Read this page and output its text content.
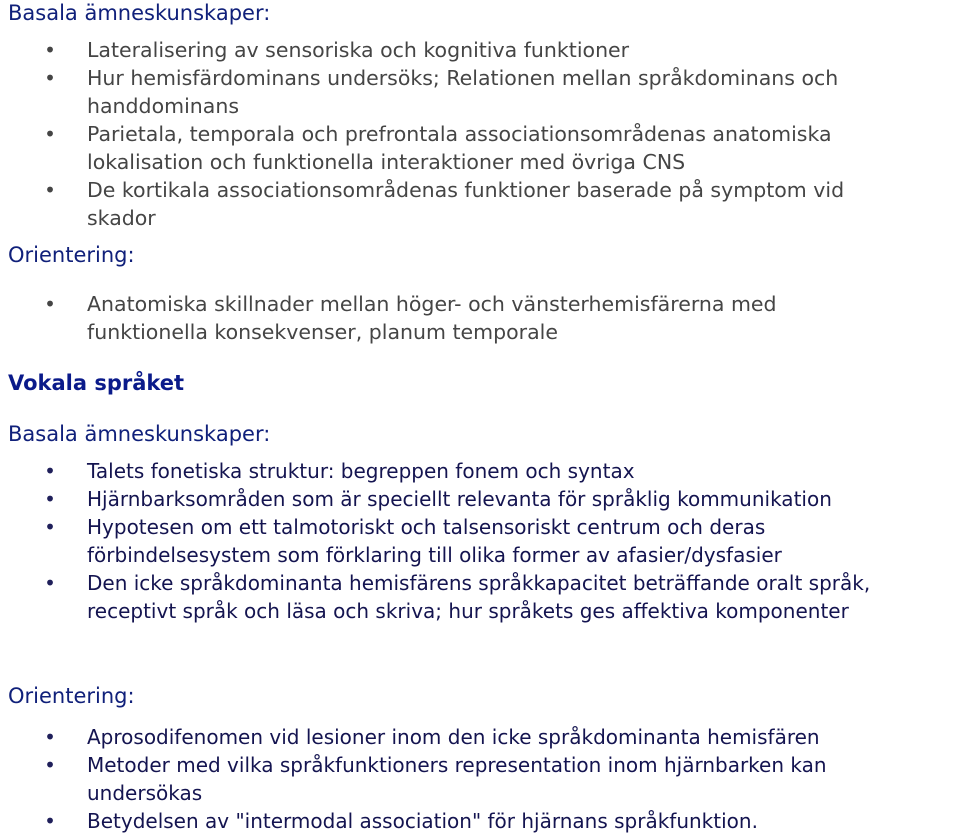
Basala ämneskunskaper:
• Lateralisering av sensoriska och kognitiva funktioner
• Hur hemisfärdominans undersöks; Relationen mellan språkdominans och
handdominans
• Parietala, temporala och prefrontala associationsområdenas anatomiska
lokalisation och funktionella interaktioner med övriga CNS
• De kortikala associationsområdenas funktioner baserade på symptom vid
skador
Orientering:
• Anatomiska skillnader mellan höger- och vänsterhemisfärerna med
funktionella konsekvenser, planum temporale
Vokala språket
Basala ämneskunskaper:
• Talets fonetiska struktur: begreppen fonem och syntax
• Hjärnbarksområden som är speciellt relevanta för språklig kommunikation
• Hypotesen om ett talmotoriskt och talsensoriskt centrum och deras
förbindelsesystem som förklaring till olika former av afasier/dysfasier
• Den icke språkdominanta hemisfärens språkkapacitet beträffande oralt språk,
receptivt språk och läsa och skriva; hur språkets ges affektiva komponenter
Orientering:
• Aprosodifenomen vid lesioner inom den icke språkdominanta hemisfären
• Metoder med vilka språkfunktioners representation inom hjärnbarken kan
undersökas
• Betydelsen av "intermodal association" för hjärnans språkfunktion.
